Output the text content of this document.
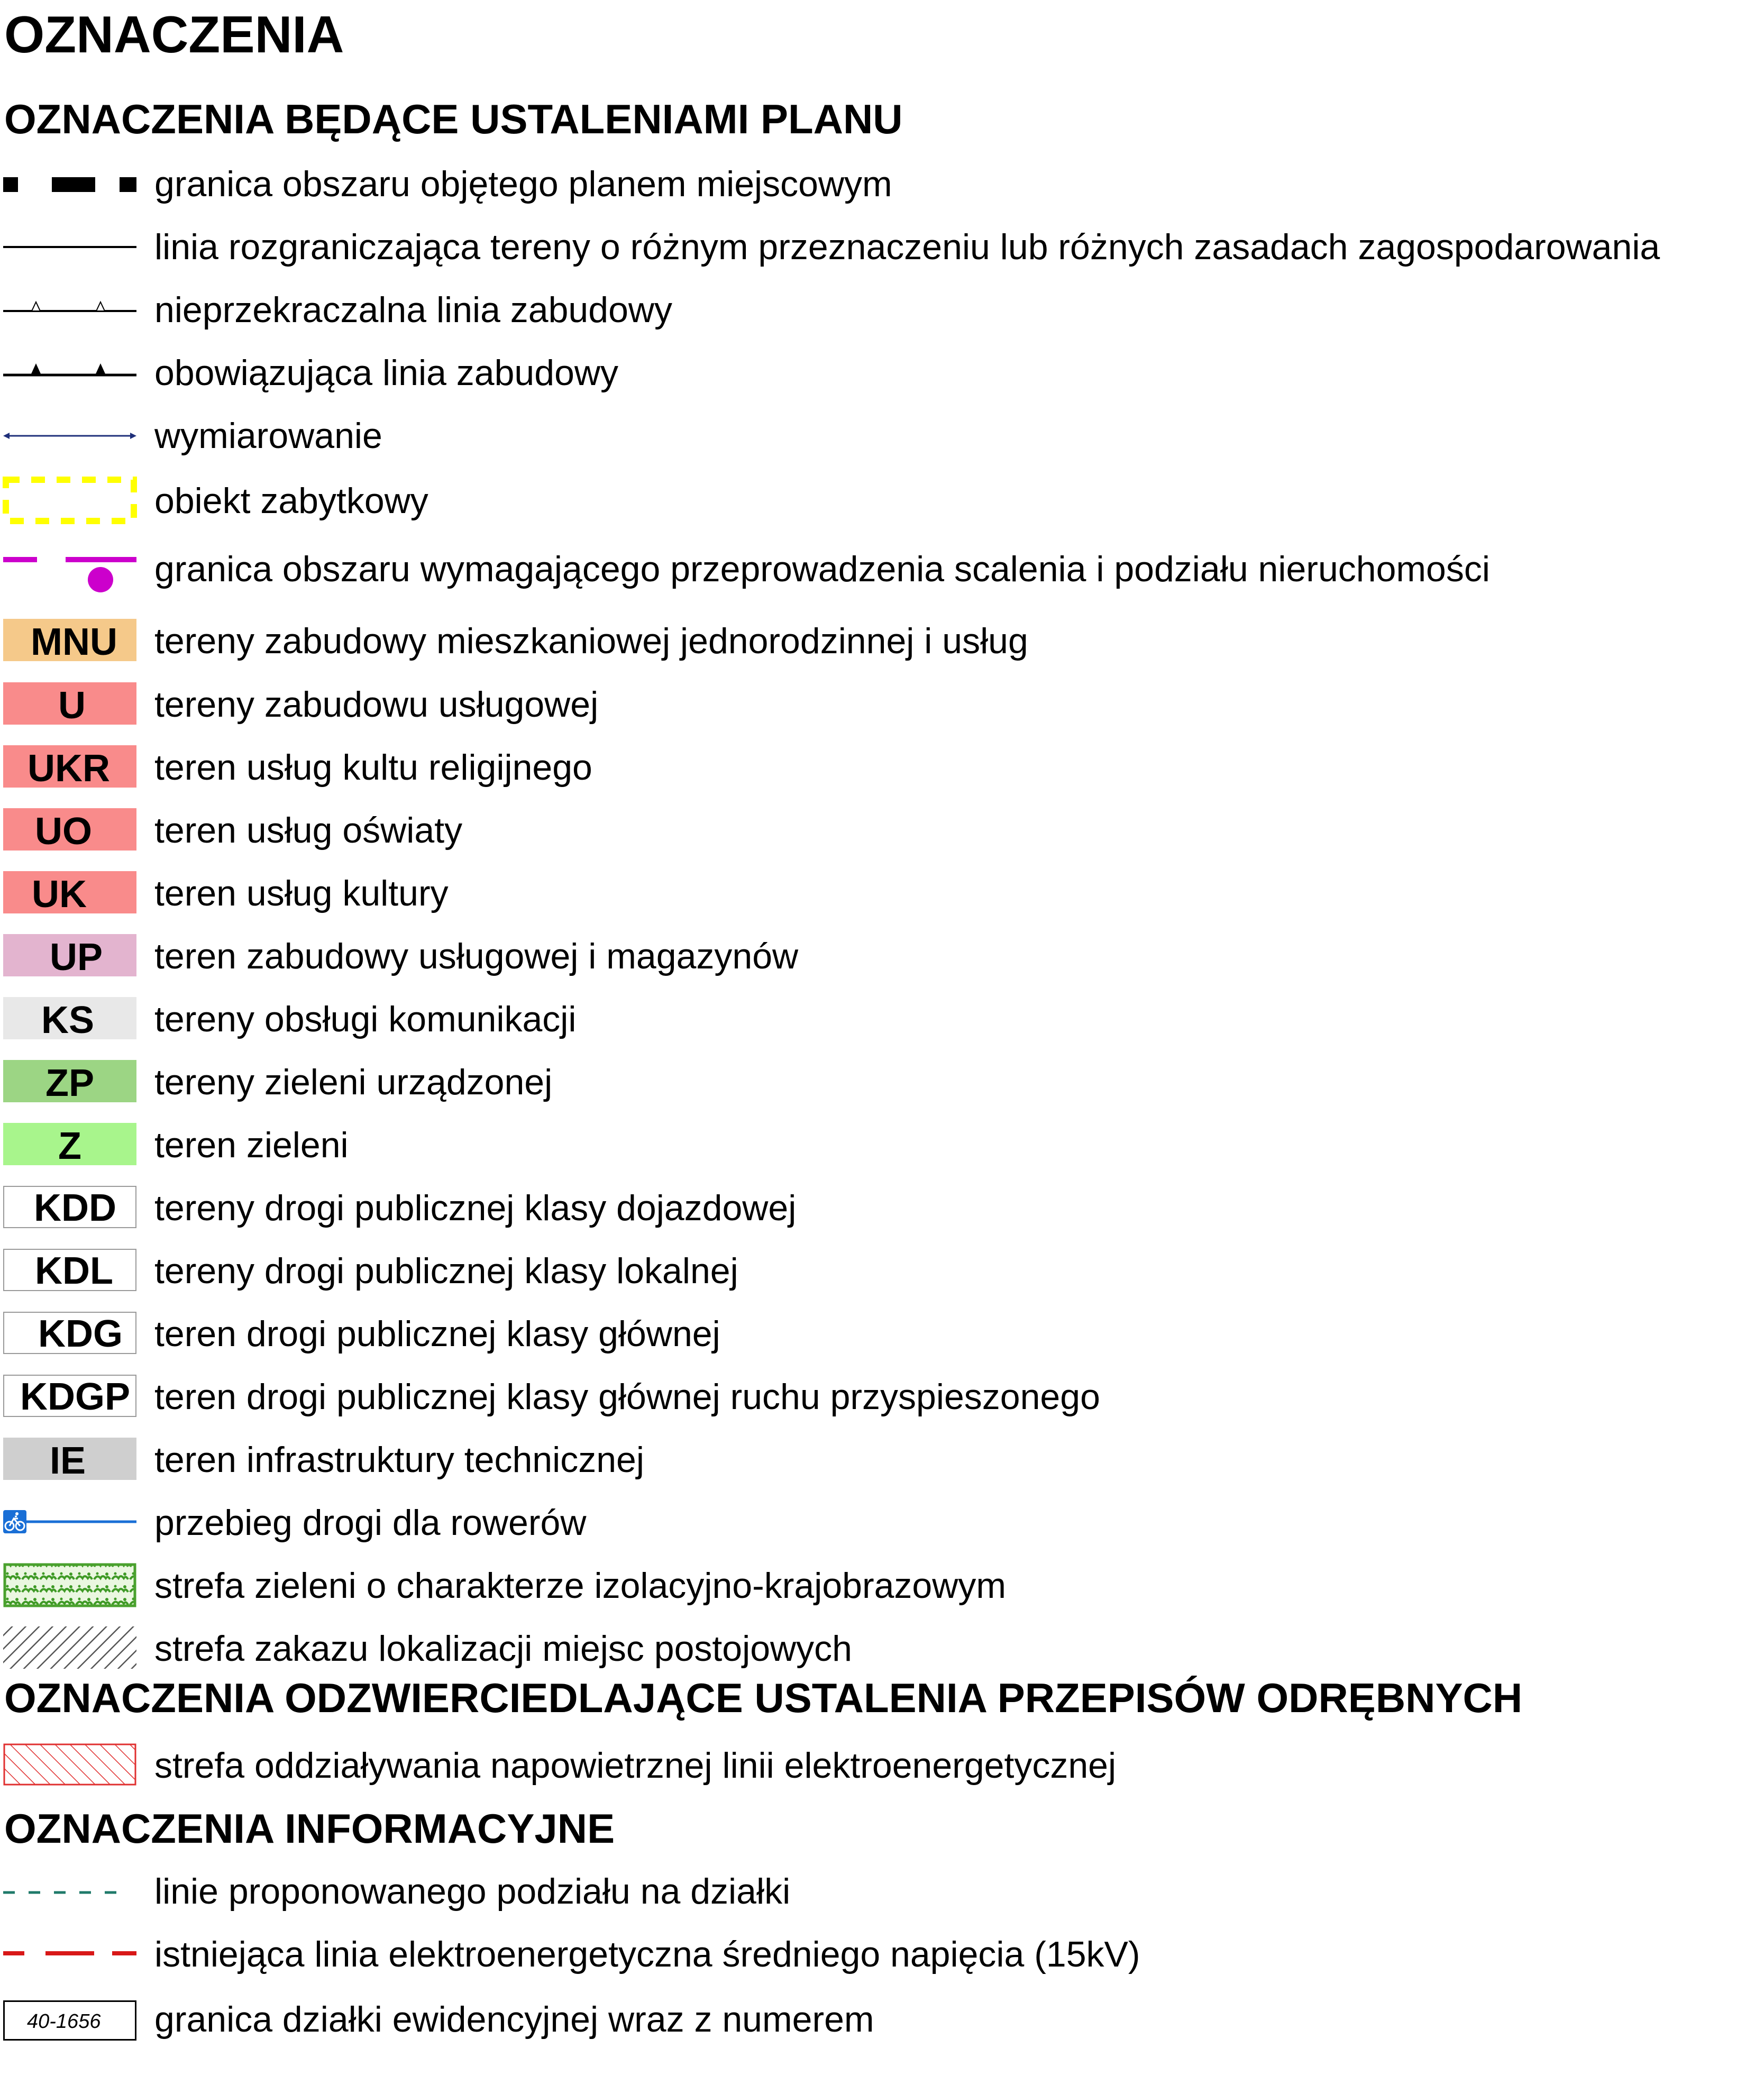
OZNACZENIA
OZNACZENIA BĘDĄCE USTALENIAMI PLANU
granica obszaru objętego planem miejscowym
linia rozgraniczająca tereny o różnym przeznaczeniu lub różnych zasadach zagospodarowania
nieprzekraczalna linia zabudowy
obowiązująca linia zabudowy
wymiarowanie
obiekt zabytkowy
granica obszaru wymagającego przeprowadzenia scalenia i podziału nieruchomości
MNU tereny zabudowy mieszkaniowej jednorodzinnej i usług
U tereny zabudowu usługowej
UKR teren usług kultu religijnego
UO teren usług oświaty
UK teren usług kultury
UP teren zabudowy usługowej i magazynów
KS tereny obsługi komunikacji
ZP tereny zieleni urządzonej
Z teren zieleni
KDD tereny drogi publicznej klasy dojazdowej
KDL tereny drogi publicznej klasy lokalnej
KDG teren drogi publicznej klasy głównej
KDGP teren drogi publicznej klasy głównej ruchu przyspieszonego
IE teren infrastruktury technicznej
przebieg drogi dla rowerów
strefa zieleni o charakterze izolacyjno-krajobrazowym
strefa zakazu lokalizacji miejsc postojowych
OZNACZENIA ODZWIERCIEDLAJĄCE USTALENIA PRZEPISÓW ODRĘBNYCH
strefa oddziaływania napowietrznej linii elektroenergetycznej
OZNACZENIA INFORMACYJNE
linie proponowanego podziału na działki
istniejąca linia elektroenergetyczna średniego napięcia (15kV)
40-1656 granica działki ewidencyjnej wraz z numerem
